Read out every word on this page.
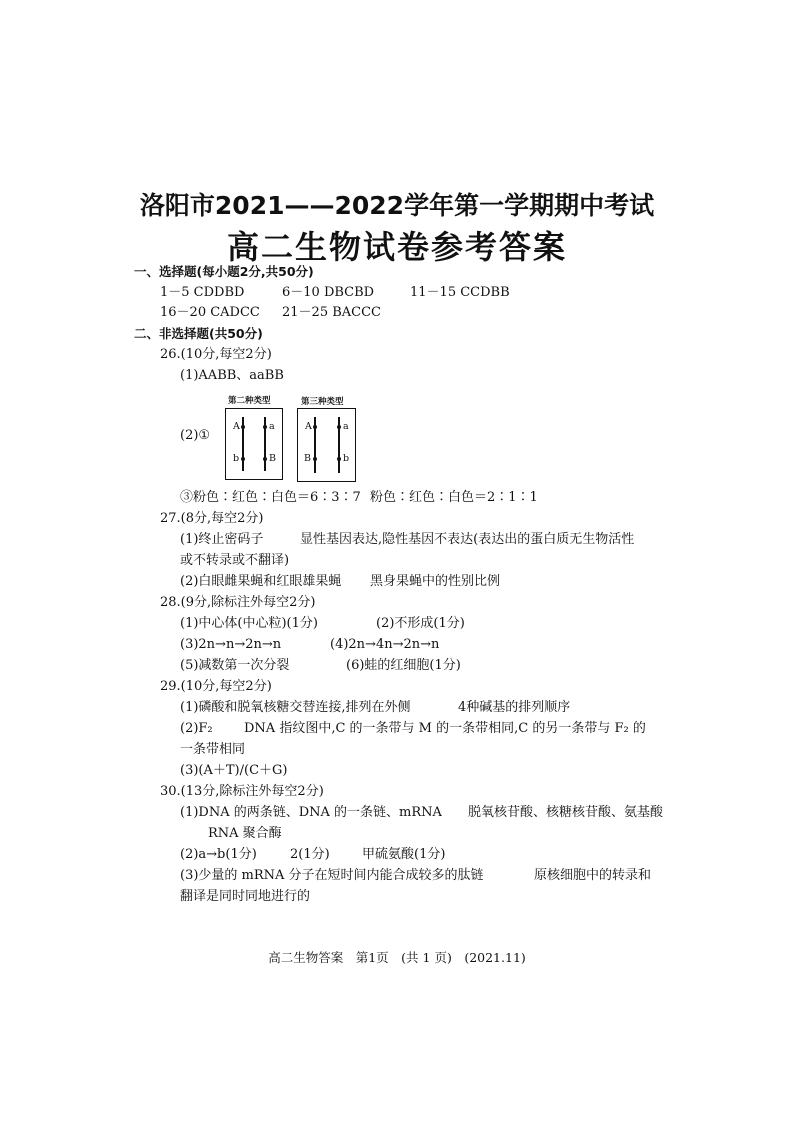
洛阳市2021——2022学年第一学期期中考试
高二生物试卷参考答案
一、选择题(每小题2分,共50分)
1－5 CDDBD	6－10 DBCBD	11－15 CCDBB
16－20 CADCC 21－25 BACCC
二、非选择题(共50分)
26.(10分,每空2分)
(1)AABB、aaBB
(2)①
第二种类型
A
b
a
B
第三种类型
A
B
a
b
③粉色∶红色∶白色＝6∶3∶7 粉色∶红色∶白色＝2∶1∶1
27.(8分,每空2分)
(1)终止密码子	显性基因表达,隐性基因不表达(表达出的蛋白质无生物活性
或不转录或不翻译)
(2)白眼雌果蝇和红眼雄果蝇 黑身果蝇中的性别比例
28.(9分,除标注外每空2分)
(1)中心体(中心粒)(1分)	(2)不形成(1分)
(3)2n→n→2n→n	(4)2n→4n→2n→n
(5)减数第一次分裂	(6)蛙的红细胞(1分)
29.(10分,每空2分)
(1)磷酸和脱氧核糖交替连接,排列在外侧	4种碱基的排列顺序
(2)F₂ DNA 指纹图中,C 的一条带与 M 的一条带相同,C 的另一条带与 F₂ 的
一条带相同
(3)(A＋T)/(C＋G)
30.(13分,除标注外每空2分)
(1)DNA 的两条链、DNA 的一条链、mRNA 脱氧核苷酸、核糖核苷酸、氨基酸
RNA 聚合酶
(2)a→b(1分)	2(1分) 甲硫氨酸(1分)
(3)少量的 mRNA 分子在短时间内能合成较多的肽链	原核细胞中的转录和
翻译是同时同地进行的
高二生物答案　第1页　(共 1 页)　(2021.11)
